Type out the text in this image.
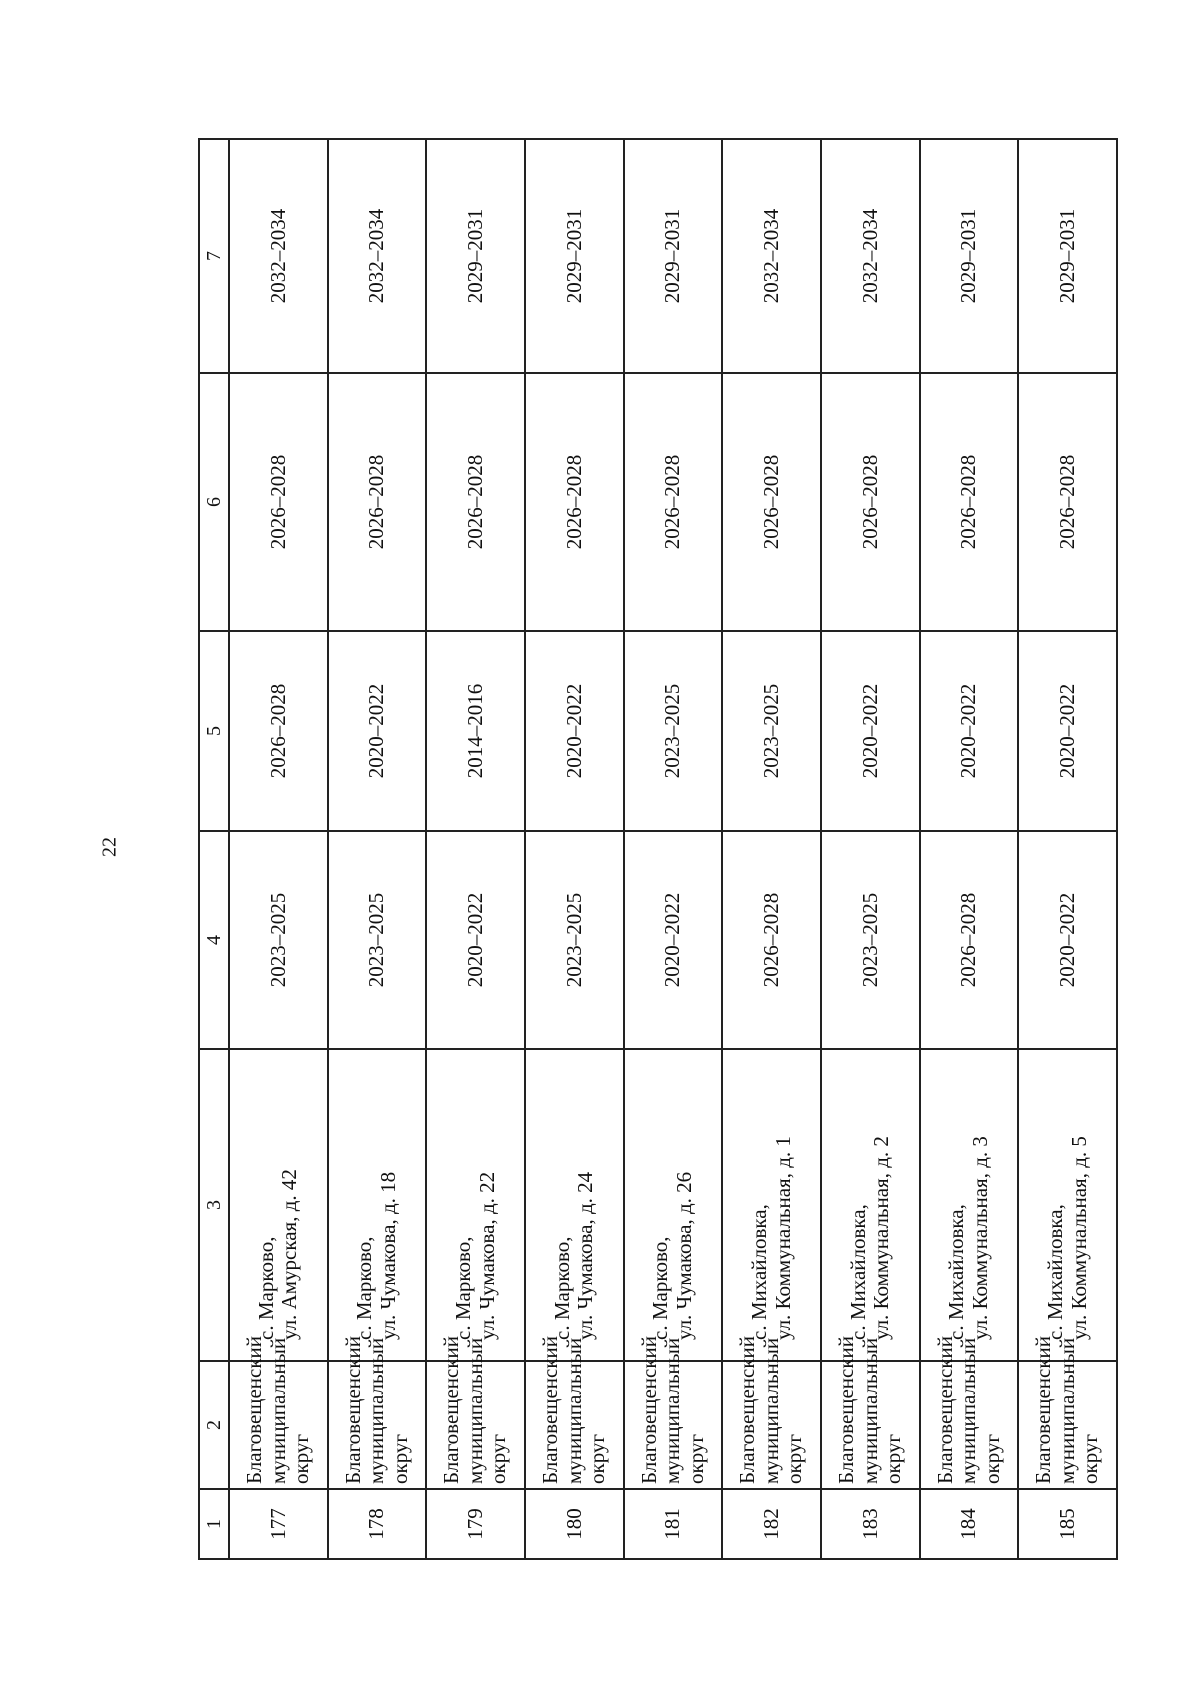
22
1	2	3	4	5	6	7
177	Благовещенский муниципальный округ	с. Марково, ул. Амурская, д. 42	2023–2025	2026–2028	2026–2028	2032–2034
178	Благовещенский муниципальный округ	с. Марково, ул. Чумакова, д. 18	2023–2025	2020–2022	2026–2028	2032–2034
179	Благовещенский муниципальный округ	с. Марково, ул. Чумакова, д. 22	2020–2022	2014–2016	2026–2028	2029–2031
180	Благовещенский муниципальный округ	с. Марково, ул. Чумакова, д. 24	2023–2025	2020–2022	2026–2028	2029–2031
181	Благовещенский муниципальный округ	с. Марково, ул. Чумакова, д. 26	2020–2022	2023–2025	2026–2028	2029–2031
182	Благовещенский муниципальный округ	с. Михайловка, ул. Коммунальная, д. 1	2026–2028	2023–2025	2026–2028	2032–2034
183	Благовещенский муниципальный округ	с. Михайловка, ул. Коммунальная, д. 2	2023–2025	2020–2022	2026–2028	2032–2034
184	Благовещенский муниципальный округ	с. Михайловка, ул. Коммунальная, д. 3	2026–2028	2020–2022	2026–2028	2029–2031
185	Благовещенский муниципальный округ	с. Михайловка, ул. Коммунальная, д. 5	2020–2022	2020–2022	2026–2028	2029–2031
